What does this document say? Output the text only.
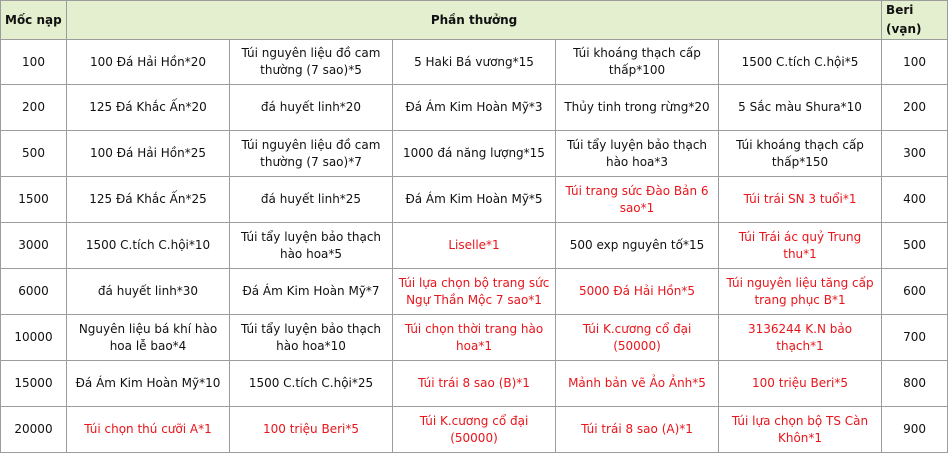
Mốc nạp	Phần thưởng					Beri (vạn)
100	100 Đá Hải Hồn*20	Túi nguyên liệu đồ cam thường (7 sao)*5	5 Haki Bá vương*15	Túi khoáng thạch cấp thấp*100	1500 C.tích C.hội*5	100
200	125 Đá Khắc Ấn*20	đá huyết linh*20	Đá Ám Kim Hoàn Mỹ*3	Thủy tinh trong rừng*20	5 Sắc màu Shura*10	200
500	100 Đá Hải Hồn*25	Túi nguyên liệu đồ cam thường (7 sao)*7	1000 đá năng lượng*15	Túi tẩy luyện bảo thạch hào hoa*3	Túi khoáng thạch cấp thấp*150	300
1500	125 Đá Khắc Ấn*25	đá huyết linh*25	Đá Ám Kim Hoàn Mỹ*5	Túi trang sức Đào Bản 6 sao*1	Túi trái SN 3 tuổi*1	400
3000	1500 C.tích C.hội*10	Túi tẩy luyện bảo thạch hào hoa*5	Liselle*1	500 exp nguyên tố*15	Túi Trái ác quỷ Trung thu*1	500
6000	đá huyết linh*30	Đá Ám Kim Hoàn Mỹ*7	Túi lựa chọn bộ trang sức Ngự Thần Mộc 7 sao*1	5000 Đá Hải Hồn*5	Túi nguyên liệu tăng cấp trang phục B*1	600
10000	Nguyên liệu bá khí hào hoa lễ bao*4	Túi tẩy luyện bảo thạch hào hoa*10	Túi chọn thời trang hào hoa*1	Túi K.cương cổ đại (50000)	3136244 K.N bảo thạch*1	700
15000	Đá Ám Kim Hoàn Mỹ*10	1500 C.tích C.hội*25	Túi trái 8 sao (B)*1	Mảnh bản vẽ Ảo Ảnh*5	100 triệu Beri*5	800
20000	Túi chọn thú cưỡi A*1	100 triệu Beri*5	Túi K.cương cổ đại (50000)	Túi trái 8 sao (A)*1	Túi lựa chọn bộ TS Càn Khôn*1	900
